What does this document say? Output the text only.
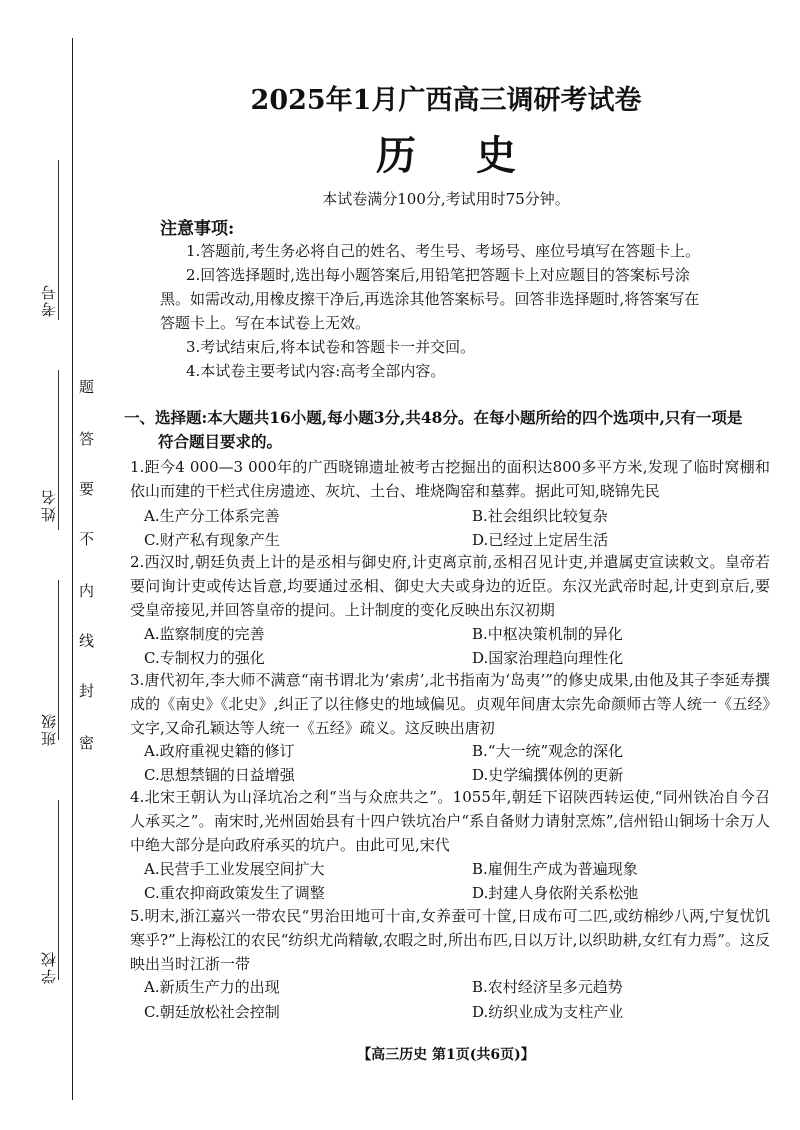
考号
姓名
班级
学校
题
答
要
不
内
线
封
密
2025年1月广西高三调研考试卷
历史
本试卷满分100分,考试用时75分钟。
注意事项:
1.答题前,考生务必将自己的姓名、考生号、考场号、座位号填写在答题卡上。
2.回答选择题时,选出每小题答案后,用铅笔把答题卡上对应题目的答案标号涂
黑。如需改动,用橡皮擦干净后,再选涂其他答案标号。回答非选择题时,将答案写在
答题卡上。写在本试卷上无效。
3.考试结束后,将本试卷和答题卡一并交回。
4.本试卷主要考试内容:高考全部内容。
一、选择题:本大题共16小题,每小题3分,共48分。在每小题所给的四个选项中,只有一项是
符合题目要求的。
1.距今4 000—3 000年的广西晓锦遗址被考古挖掘出的面积达800多平方米,发现了临时窝棚和依山而建的干栏式住房遗迹、灰坑、土台、堆烧陶窑和墓葬。据此可知,晓锦先民
A.生产分工体系完善	B.社会组织比较复杂
C.财产私有现象产生	D.已经过上定居生活
2.西汉时,朝廷负责上计的是丞相与御史府,计吏离京前,丞相召见计吏,并遣属吏宣读敕文。皇帝若要问询计吏或传达旨意,均要通过丞相、御史大夫或身边的近臣。东汉光武帝时起,计吏到京后,要受皇帝接见,并回答皇帝的提问。上计制度的变化反映出东汉初期
A.监察制度的完善	B.中枢决策机制的异化
C.专制权力的强化	D.国家治理趋向理性化
3.唐代初年,李大师不满意“南书谓北为‘索虏’,北书指南为‘岛夷’”的修史成果,由他及其子李延寿撰成的《南史》《北史》,纠正了以往修史的地域偏见。贞观年间唐太宗先命颜师古等人统一《五经》文字,又命孔颖达等人统一《五经》疏义。这反映出唐初
A.政府重视史籍的修订	B.“大一统”观念的深化
C.思想禁锢的日益增强	D.史学编撰体例的更新
4.北宋王朝认为山泽坑冶之利“当与众庶共之”。1055年,朝廷下诏陕西转运使,“同州铁冶自今召人承买之”。南宋时,光州固始县有十四户铁坑冶户“系自备财力请射烹炼”,信州铅山铜场十余万人中绝大部分是向政府承买的坑户。由此可见,宋代
A.民营手工业发展空间扩大	B.雇佣生产成为普遍现象
C.重农抑商政策发生了调整	D.封建人身依附关系松弛
5.明末,浙江嘉兴一带农民“男治田地可十亩,女养蚕可十筐,日成布可二匹,或纺棉纱八两,宁复忧饥寒乎?”上海松江的农民“纺织尤尚精敏,农暇之时,所出布匹,日以万计,以织助耕,女红有力焉”。这反映出当时江浙一带
A.新质生产力的出现	B.农村经济呈多元趋势
C.朝廷放松社会控制	D.纺织业成为支柱产业
【高三历史 第1页(共6页)】
